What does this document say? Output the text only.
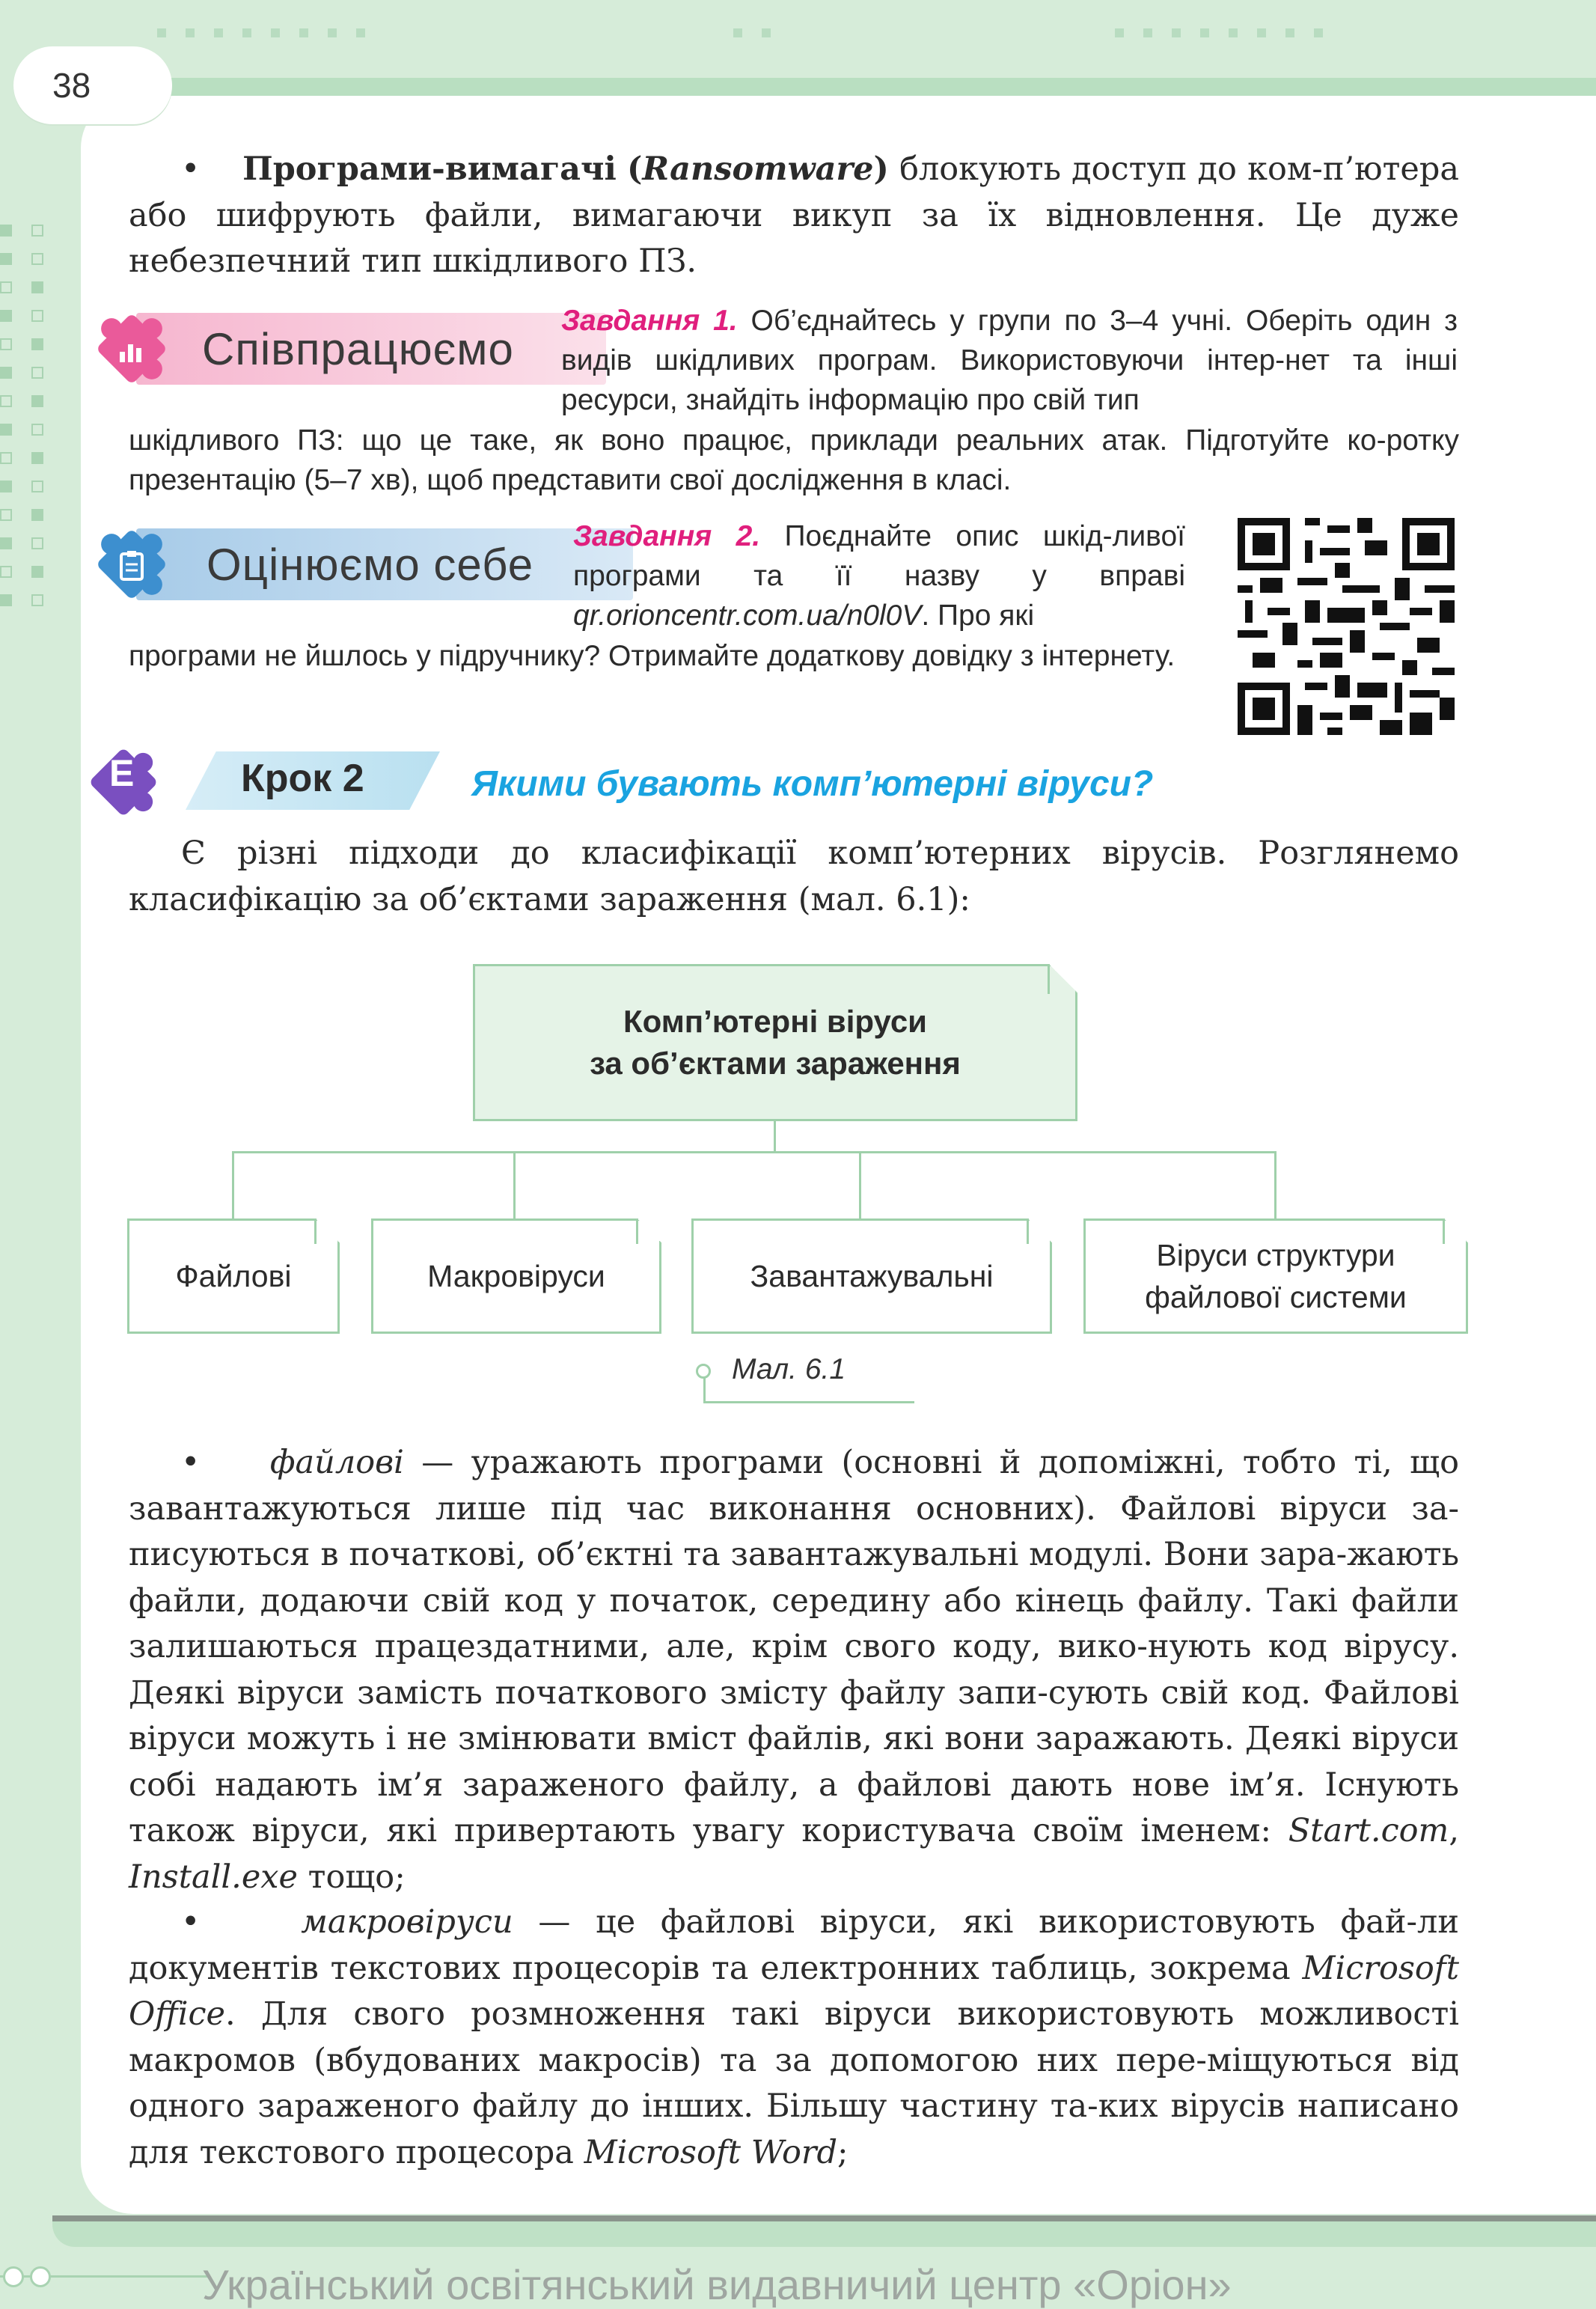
38
• Програми-вимагачі (Ransomware) блокують доступ до ком-п’ютера або шифрують файли, вимагаючи викуп за їх відновлення. Це дуже небезпечний тип шкідливого ПЗ.
Співпрацюємо
Завдання 1. Об’єднайтесь у групи по 3–4 учні. Оберіть один з видів шкідливих програм. Використовуючи інтер-нет та інші ресурси, знайдіть інформацію про свій тип
шкідливого ПЗ: що це таке, як воно працює, приклади реальних атак. Підготуйте ко-ротку презентацію (5–7 хв), щоб представити свої дослідження в класі.
Оцінюємо себе
Завдання 2. Поєднайте опис шкід-ливої програми та її назву у вправі qr.orioncentr.com.ua/n0l0V. Про які
програми не йшлось у підручнику? Отримайте додаткову довідку з інтернету.
E	Крок 2	Якими бувають комп’ютерні віруси?
Є різні підходи до класифікації комп’ютерних вірусів. Розглянемо класифікацію за об’єктами зараження (мал. 6.1):
Комп’ютерні віруси
за об’єктами зараження
Файлові	Макровіруси	Завантажувальні
Віруси структури
файлової системи
Мал. 6.1
• файлові — уражають програми (основні й допоміжні, тобто ті, що завантажуються лише під час виконання основних). Файлові віруси за-писуються в початкові, об’єктні та завантажувальні модулі. Вони зара-жають файли, додаючи свій код у початок, середину або кінець файлу. Такі файли залишаються працездатними, але, крім свого коду, вико-нують код вірусу. Деякі віруси замість початкового змісту файлу запи-сують свій код. Файлові віруси можуть і не змінювати вміст файлів, які вони заражають. Деякі віруси собі надають ім’я зараженого файлу, а файлові дають нове ім’я. Існують також віруси, які привертають увагу користувача своїм іменем: Start.com, Install.exe тощо;
•	макровіруси — це файлові віруси, які використовують фай-ли документів текстових процесорів та електронних таблиць, зокрема Microsoft Office. Для свого розмноження такі віруси використовують можливості макромов (вбудованих макросів) та за допомогою них пере-міщуються від одного зараженого файлу до інших. Більшу частину та-ких вірусів написано для текстового процесора Microsoft Word;
Український освітянський видавничий центр «Оріон»
